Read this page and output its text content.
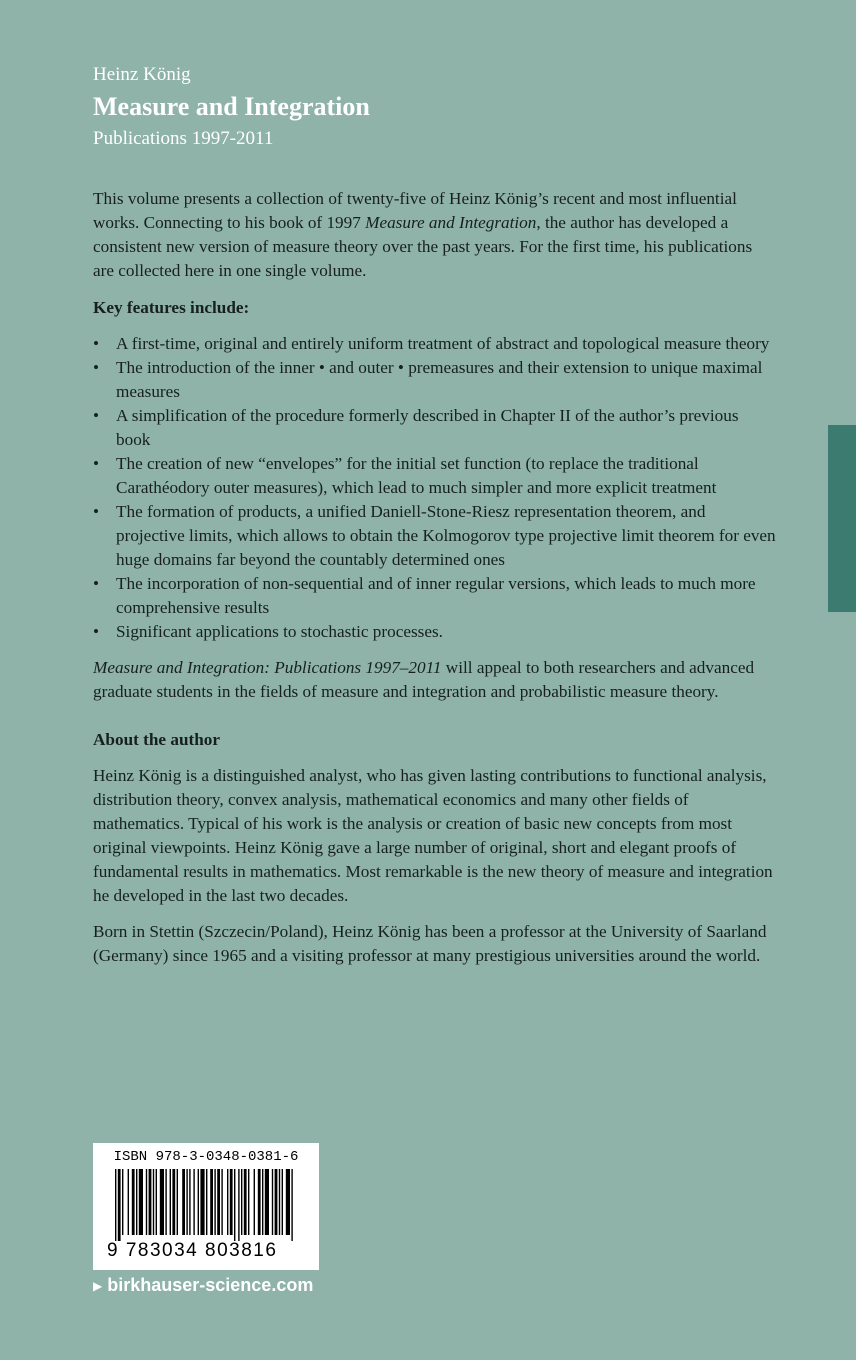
Heinz König
Measure and Integration
Publications 1997-2011

This volume presents a collection of twenty-five of Heinz König’s recent and most influential works. Connecting to his book of 1997 Measure and Integration, the author has developed a consistent new version of measure theory over the past years. For the first time, his publications are collected here in one single volume.

Key features include:

• A first-time, original and entirely uniform treatment of abstract and topological measure theory
• The introduction of the inner • and outer • premeasures and their extension to unique maximal measures
• A simplification of the procedure formerly described in Chapter II of the author’s previous book
• The creation of new “envelopes” for the initial set function (to replace the traditional Carathéodory outer measures), which lead to much simpler and more explicit treatment
• The formation of products, a unified Daniell-Stone-Riesz representation theorem, and projective limits, which allows to obtain the Kolmogorov type projective limit theorem for even huge domains far beyond the countably determined ones
• The incorporation of non-sequential and of inner regular versions, which leads to much more comprehensive results
• Significant applications to stochastic processes.

Measure and Integration: Publications 1997–2011 will appeal to both researchers and advanced graduate students in the fields of measure and integration and probabilistic measure theory.

About the author

Heinz König is a distinguished analyst, who has given lasting contributions to functional analysis, distribution theory, convex analysis, mathematical economics and many other fields of mathematics. Typical of his work is the analysis or creation of basic new concepts from most original viewpoints. Heinz König gave a large number of original, short and elegant proofs of fundamental results in mathematics. Most remarkable is the new theory of measure and integration he developed in the last two decades.

Born in Stettin (Szczecin/Poland), Heinz König has been a professor at the University of Saarland (Germany) since 1965 and a visiting professor at many prestigious universities around the world.

ISBN 978-3-0348-0381-6
9 783034 803816
▶ birkhauser-science.com
